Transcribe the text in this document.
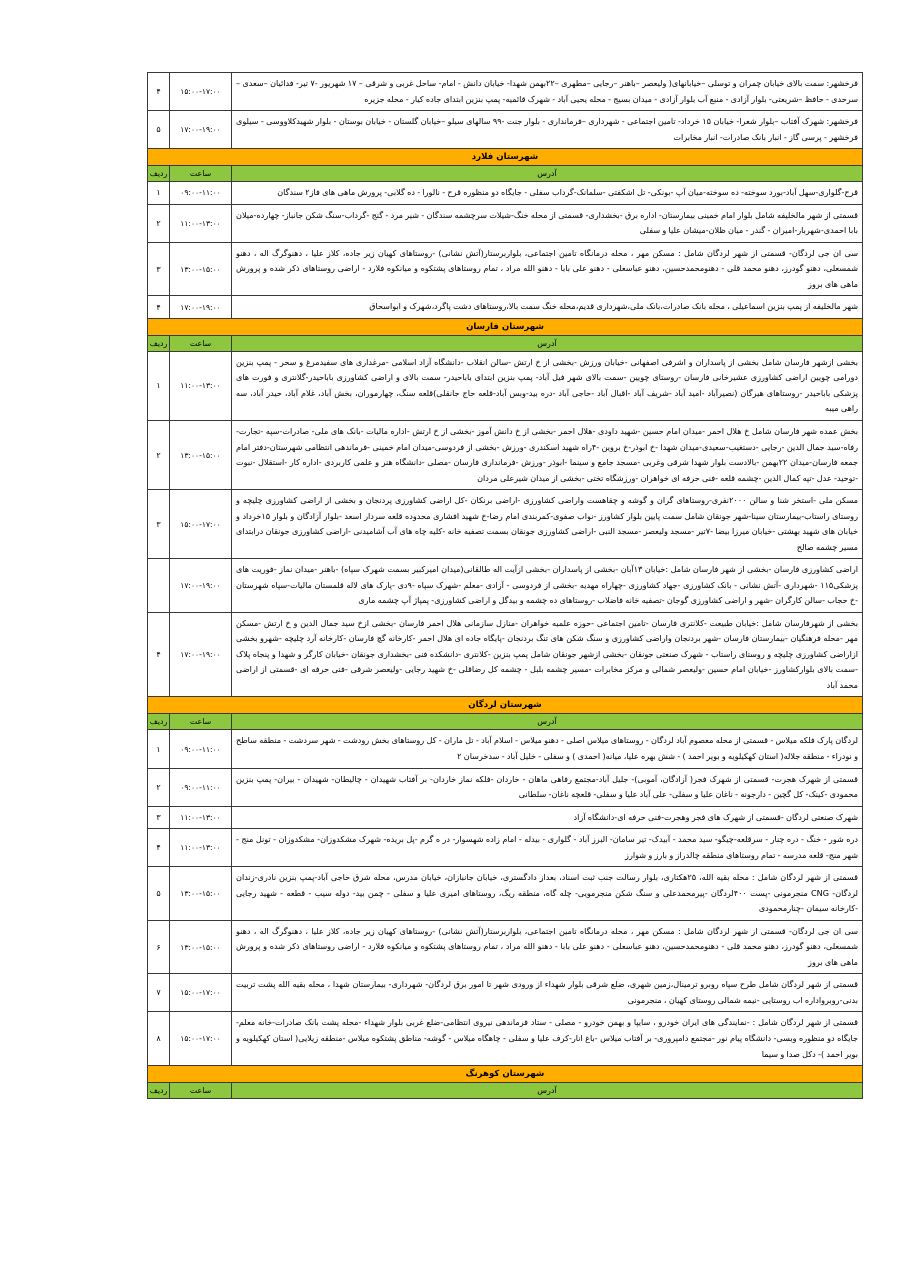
فرخشهر: سمت بالای خیابان چمران و توسلی –خیابانهای( ولیعصر –باهنر –رجایی –مطهری –۲۲بهمن شهدا- خیابان دانش - امام- ساحل غربی و شرقی – ۱۷ شهریور -۷ تیر- فدائیان –سعدی –سرحدی - حافظ –شریعتی- بلوار آزادی - منبع آب بلوار آزادی - میدان بسیج - محله یحیی آباد - شهرک قائمیه- پمپ بنزین ابتدای جاده کیار - محله جزیره	۱۵:۰۰-۱۷:۰۰	۴
فرخشهر: شهرک آفتاب –بلوار شعرا- خیابان ۱۵ خرداد- تامین اجتماعی - شهرداری –فرمانداری - بلوار جنت -۹۹ سالهای سیلو –خیابان گلستان - خیابان بوستان - بلوار شهیدکلاووسی - سیلوی فرخشهر - پرسی گاز - انبار بانک صادرات- انبار مخابرات	۱۷:۰۰-۱۹:۰۰	۵
شهرستان فلارد		
آدرس	ساعت	ردیف
قرح-گلواری-سهل آباد-بورد سوخته- ده سوخته-میان آپ -بونکی- تل اشکفتی -سلمانک-گرداب سفلی - جایگاه دو منظوره قرح - نالورا - ده گلابی- پرورش ماهی های فاز۲ سندگان	۰۹:۰۰-۱۱:۰۰	۱
قسمتی از شهر مالخلیفه شامل بلوار امام خمینی بیمارستان- اداره برق -بخشداری- قسمتی از محله خنگ-شیلات سرچشمه سندگان - شیر مرد - گنج -گرداب-سنگ شکن جانباز- چهارده-میلان بابا احمدی-شهربار-امیران - گندر - میان ظلان-میشان علیا و سفلی	۱۱:۰۰-۱۳:۰۰	۲
سی ان جی لردگان- قسمتی از شهر لردگان شامل : مسکن مهر ، محله درمانگاه تامین اجتماعی، بلواربرستار(آتش نشانی) -روستاهای کهیان زیر جاده، کلاز علیا ، دهنوگرگ اله ، دهنو شمسعلی، دهنو گودرز، دهنو محمد قلی - دهنومحمدحسین، دهنو عباسعلی - دهنو علی بابا - دهنو الله مراد ، تمام روستاهای پشتکوه و میانکوه فلارد - اراضی روستاهای ذکر شده و پرورش ماهی های بروز	۱۳:۰۰-۱۵:۰۰	۳
شهر مالخلیفه از پمپ بنزین اسماعیلی ، محله بانک صادرات،بانک ملی،شهرداری قدیم،محله خنگ سمت بالا،روستاهای دشت پاگرد،شهرک و ابواسحاق	۱۷:۰۰-۱۹:۰۰	۴
شهرستان فارسان		
آدرس	ساعت	ردیف
بخشی ازشهر فارسان شامل بخشی از پاسداران و اشرفی اصفهانی -خیابان ورزش -بخشی از خ ارتش -سالن انقلاب -دانشگاه آزاد اسلامی -مرغداری های سفیدمرغ و سحر - پمپ بنزین دورامی چویین اراضی کشاورزی عشیرخانی فارسان -روستای چویین -سمت بالای شهر فیل آباد- پمپ بنزین ابتدای باباحیدر- سمت بالای و اراضی کشاورزی باباحیدر-گلانتری و فورت های پزشکی باباحیدر -روستاهای هیرگان (نصیرآباد -امید آباد -شریف آباد -اقبال آباد -حاجی آباد -دره بید-وبس آباد-قلعه حاج جانقلی)قلعه سنگ، چهارموران، بخش آباد، غلام آباد، حیدر آباد، سه راهی میبه	۱۱:۰۰-۱۳:۰۰	۱
بخش عمده شهر فارسان شامل خ هلال احمر -میدان امام حسین -شهید داودی -هلال احمر -بخشی از خ دانش آموز -بخشی از خ ارتش -اداره مالیات -بانک های ملی- صادرات-سپه -تجارت-رفاه-سید جمال الدین -رجایی -دستغیب-سعیدی-میدان شهدا -خ ابوذر-خ بروین -۴راه شهید اسکندری -ورزش -بخشی از فردوسی-میدان امام خمینی -فرماندهی انتظامی شهرستان-دفتر امام جمعه فارسان-میدان ۲۲بهمن -بالادست بلوار شهدا شرقی وغربی -مسجد جامع و سینما -ابوذر -ورزش -فرمانداری فارسان -مصلی -دانشگاه هنر و علمی کاربردی -اداره کار -استقلال -نبوت -توحید- عدل -تپه کمال الدین -چشمه قلعه -فنی حرفه ای خواهران -ورزشگاه تختی -بخشی از میدان شیرعلی مردان	۱۳:۰۰-۱۵:۰۰	۲
مسکن ملی -استخر شنا و سالن ۲۰۰۰نفری-روستاهای گران و گوشه و چقاهست واراضی کشاورزی -اراضی برنکان -کل اراضی کشاورزی پردنجان و بخشی از اراضی کشاورزی چلیچه و روستای راستاب-بیمارستان سینا-شهر جونقان شامل سمت پایین بلوار کشاورز -نواب صفوی-کمربندی امام رضا-خ شهید افشاری محدوده قلعه سردار اسعد -بلوار آزادگان و بلوار ۱۵خرداد و خیابان های شهید بهشتی -خیابان میرزا بیضا -۷تیر -مسجد ولیعصر -مسجد النبی -اراضی کشاورزی جونقان بسمت تصفیه خانه -کلیه چاه های آب آشامیدنی -اراضی کشاورزی جونقان درابتدای مسیر چشمه صالح	۱۵:۰۰-۱۷:۰۰	۳
اراضی کشاورزی فارسان -بخشی از شهر فارسان شامل :خیابان ۱۳آبان -بخشی از پاسداران -بخشی ازآیت اله طالقانی(میدان امیرکبیر بسمت شهرک سپاه) -باهنر -میدان نماز -فوریت های پزشکی۱۱۵ -شهرداری -آتش نشانی - بانک کشاورزی -جهاد کشاورزی -چهاراه مهدیه -بخشی از فردوسی - آزادی -معلم -شهرک سپاه -۹دی -پارک های لاله قلمستان مالیات-سپاه شهرستان -خ حجاب -سالن کارگران -شهر و اراضی کشاورزی گوجان -تصفیه خانه فاضلاب -روستاهای ده چشمه و بیدگل و اراضی کشاورزی- پمپاژ آپ چشمه ماری	۱۷:۰۰-۱۹:۰۰	
بخشی از شهرفارسان شامل :خیابان طبیعت -کلانتری فارسان -تامین اجتماعی -حوزه علمیه خواهران -منازل سازمانی هلال احمر فارسان -بخشی ازخ سید جمال الدین و خ ارتش -مسکن مهر -محله فرهنگیان -بیمارستان فارسان -شهر بردنجان واراضی کشاورزی و سنگ شکن های تنگ بردنجان -پایگاه جاده ای هلال احمر -کارخانه گچ فارسان -کارخانه آرد چلیچه -شهرو بخشی ازاراضی کشاورزی چلیچه و روستای راستاب - شهرک صنعتی جونقان -بخشی ازشهر جونقان شامل پمپ بنزین -کلانتری -دانشکده فنی -بخشداری جونقان -خیابان کارگر و شهدا و پنجاه پلاک -سمت بالای بلوارکشاورز -خیابان امام حسین -ولیعصر شمالی و مرکز مخابرات -مسیر چشمه بلبل - چشمه کل رضاقلی -خ شهید رجایی -ولیعصر شرقی -فنی حرفه ای -قسمتی از اراضی محمد آباد	۱۷:۰۰-۱۹:۰۰	۴
شهرستان لردگان		
آدرس	ساعت	ردیف
لردگان پارک فلکه میلاس - قسمتی از محله معصوم آباد لردگان - روستاهای میلاس اصلی - دهنو میلاس - اسلام آباد - تل ماران - کل روستاهای بخش رودشت - شهر سردشت - منطقه ساطح و نودراء - منطقه جلاله( استان کهکیلویه و بویر احمد ) - شش بهره علیا، میانه( احمدی ) و سفلی - خلیل آباد - سدخرسان ۲	۰۹:۰۰-۱۱:۰۰	۱
قسمتی از شهرک هجرت- قسمتی از شهرک فجر( آزادگان، آموبی)- جلیل آباد-مجتمع رفاهی ماهان - خاردان -فلکه نماز خاردان- بر آفتاب شهیدان - چالیطان- شهیدان - بیران- پمپ بنزین محمودی -کینک- کل گچین - دارجونه - ناغان علیا و سفلی- علی آباد علیا و سفلی- قلعچه ناغان- سلطانی	۰۹:۰۰-۱۱:۰۰	۲
شهرک صنعتی لردگان -قسمتی از شهرک های فجر وهجرت-فنی حرفه ای-دانشگاه آزاد	۱۱:۰۰-۱۳:۰۰	۳
دره شور - خنگ - دره چنار - سرقلعه-چیگو- سید محمد - آبیدک- تیر سامان- البرز آباد - گلواری - بیدله - امام زاده شهسوار- در ه گرم -پل بریده- شهرک مشکدوزان- مشکدوزان - تونل منج - شهر منج- قلعه مدرسه - تمام روستاهای منطقه چالدراز و بارز و شوارز	۱۱:۰۰-۱۳:۰۰	۴
قسمتی از شهر لردگان شامل : محله بقیه الله، ۲۵هکتاری، بلوار رسالت جنب ثبت اسناد، بعداز دادگستری، خیابان جانبازان، خیابان مدرس، محله شرق حاجی آباد-پمپ بنزین نادری-زندان لردگان- CNG منجرمونی -پست ۴۰۰لردگان -پیرمحمدعلی و سنگ شکن منجرمویی- چله گاه، منطقه ریگ، روستاهای امیری علیا و سفلی - چمن بید- دوله سیب - قطعه - شهید رجایی -کارخانه سیمان -چنارمحمودی	۱۳:۰۰-۱۵:۰۰	۵
سی ان جی لردگان- قسمتی از شهر لردگان شامل : مسکن مهر ، محله درمانگاه تامین اجتماعی، بلواربرستار(آتش نشانی) -روستاهای کهیان زیر جاده، کلاز علیا ، دهنوگرگ اله ، دهنو شمسعلی، دهنو گودرز، دهنو محمد قلی - دهنومحمدحسین، دهنو عباسعلی - دهنو علی بابا - دهنو الله مراد ، تمام روستاهای پشتکوه و میانکوه فلارد - اراضی روستاهای ذکر شده و پرورش ماهی های بروز	۱۳:۰۰-۱۵:۰۰	۶
قسمتی از شهر لردگان شامل طرح سپاه روبرو ترمینال،زمین شهری، ضلع شرقی بلوار شهداء از ورودی شهر تا امور برق لردگان- شهرداری- بیمارستان شهدا ، محله بقیه الله پشت تربیت بدنی-روبرواداره اب روستایی -نیمه شمالی روستای کهیان ، منجرمونی	۱۵:۰۰-۱۷:۰۰	۷
قسمتی از شهر لردگان شامل : -نمایندگی های ایران خودرو ، سایپا و بهمن خودرو - مصلی - ستاد فرماندهی نیروی انتظامی-ضلع غربی بلوار شهداء -محله پشت بانک صادرات-خانه معلم-جایگاه دو منظوره وبسی- دانشگاه پیام نور -مجتمع دامپروری- بر آفتاب میلاس -باغ انار-کرف علیا و سفلی - چاهگاه میلاس - گوشه- مناطق پشتکوه میلاس -منطقه زیلایی( استان کهکیلویه و بویر احمد )- دکل صدا و سیما	۱۵:۰۰-۱۷:۰۰	۸
شهرستان کوهرنگ		
آدرس	ساعت	ردیف
